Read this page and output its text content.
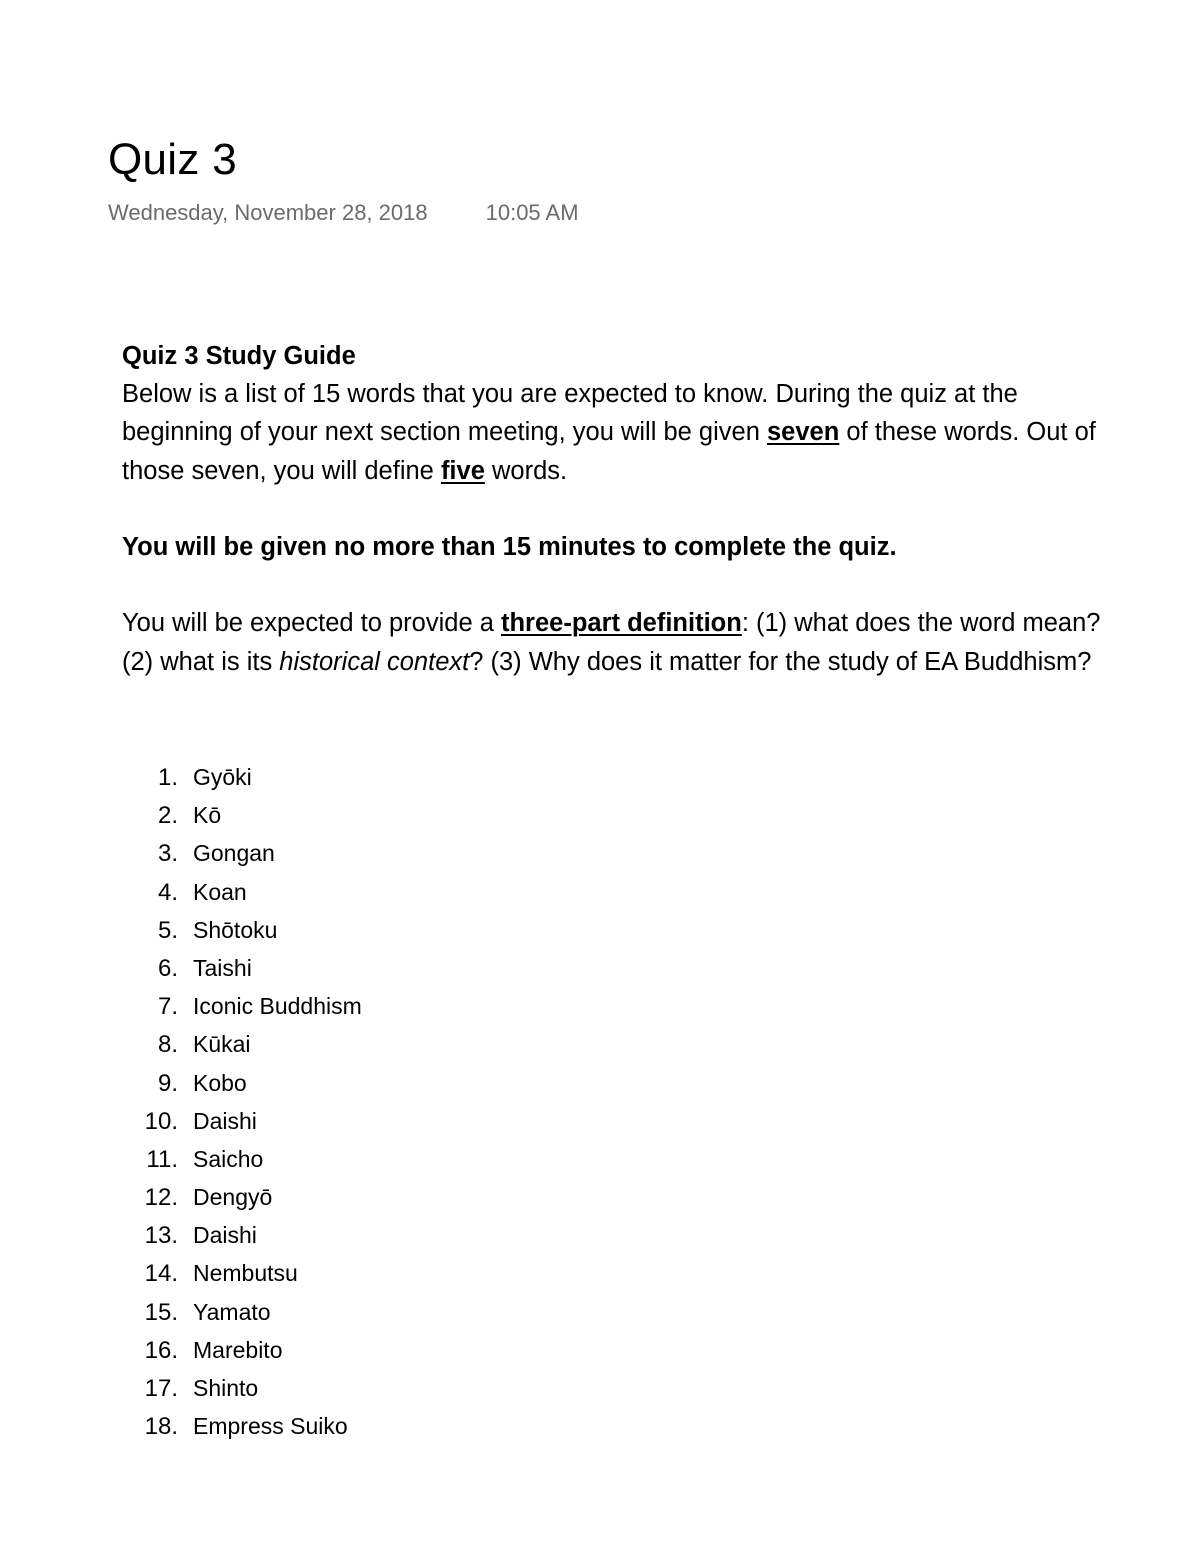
Quiz 3
Wednesday, November 28, 2018	10:05 AM

Quiz 3 Study Guide

Below is a list of 15 words that you are expected to know. During the quiz at the beginning of your next section meeting, you will be given seven of these words. Out of those seven, you will define five words.

You will be given no more than 15 minutes to complete the quiz.

You will be expected to provide a three-part definition: (1) what does the word mean? (2) what is its historical context? (3) Why does it matter for the study of EA Buddhism?

1. Gyōki
2. Kō
3. Gongan
4. Koan
5. Shōtoku
6. Taishi
7. Iconic Buddhism
8. Kūkai
9. Kobo
10. Daishi
11. Saicho
12. Dengyō
13. Daishi
14. Nembutsu
15. Yamato
16. Marebito
17. Shinto
18. Empress Suiko
